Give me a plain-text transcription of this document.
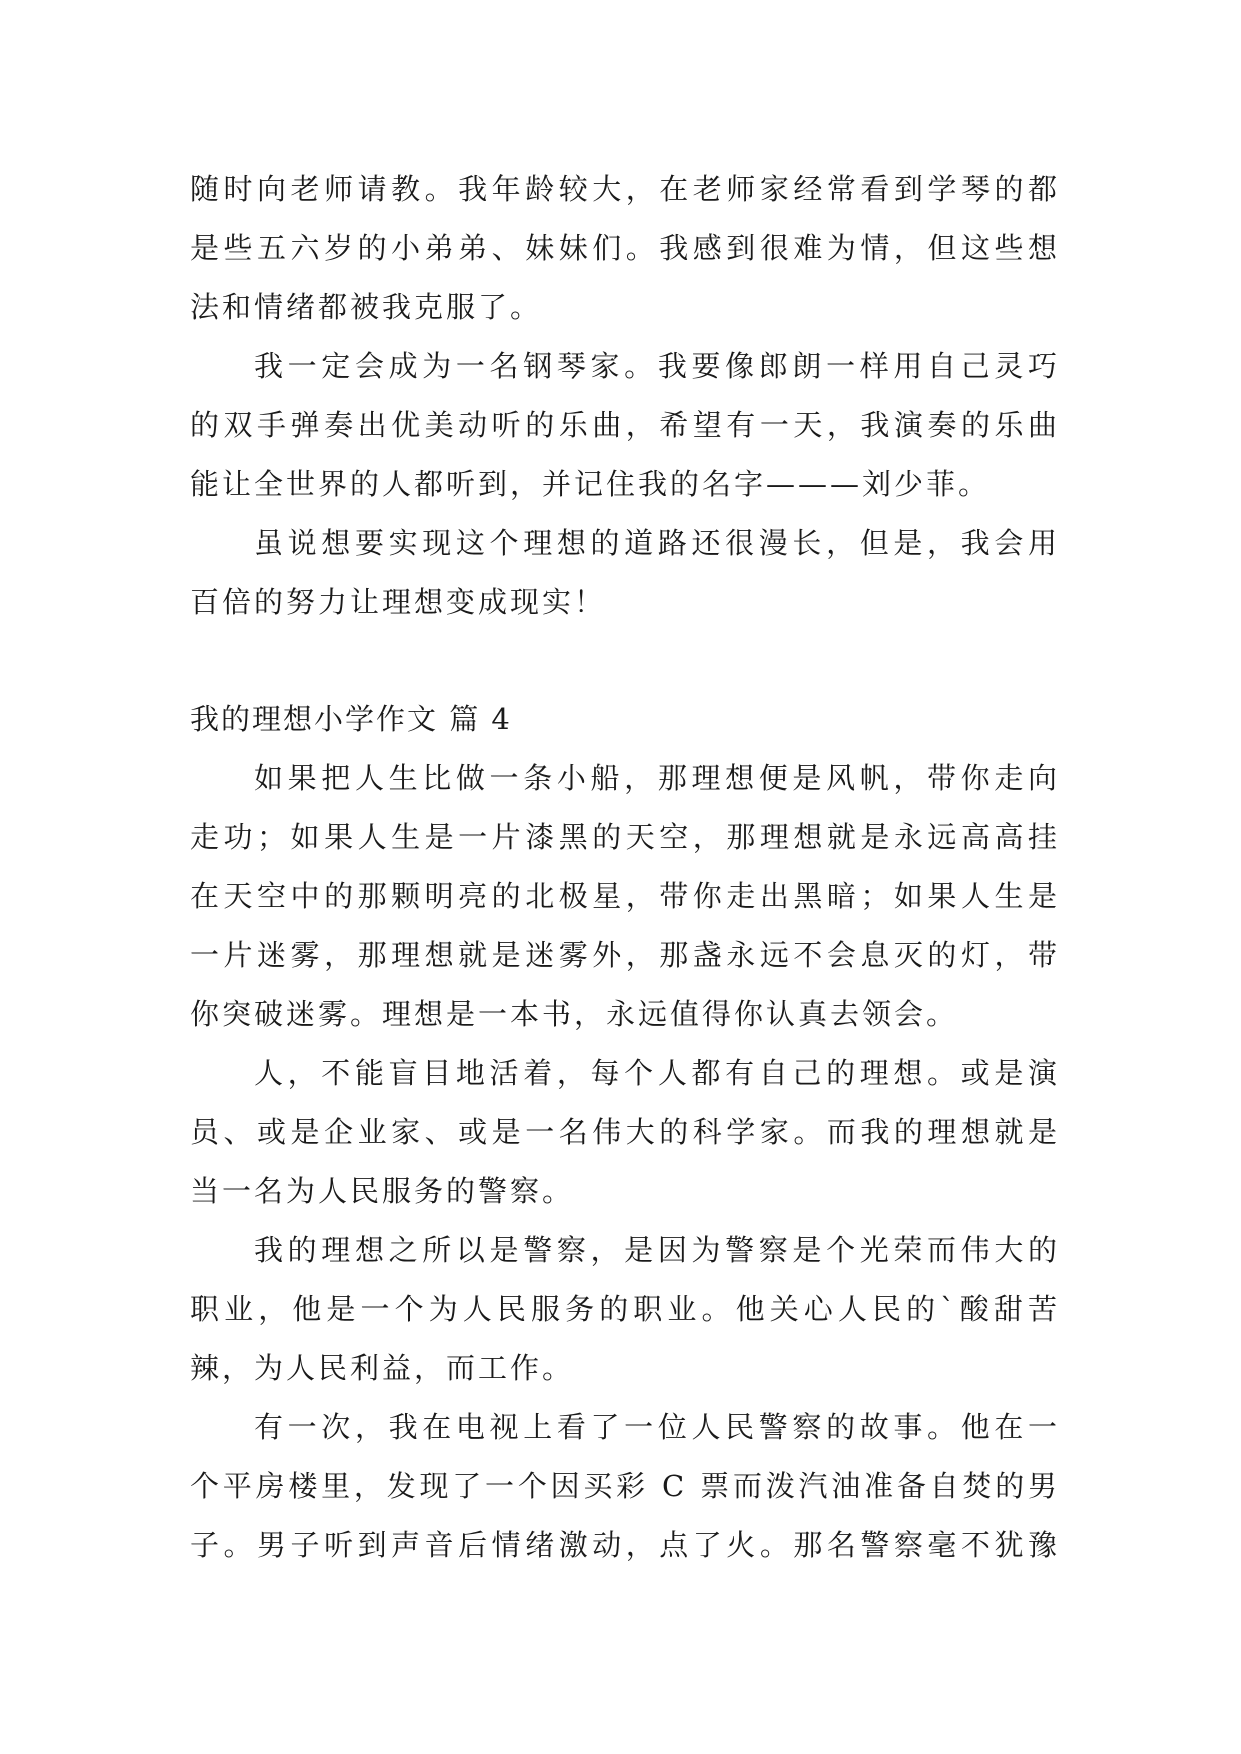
随时向老师请教。我年龄较大，在老师家经常看到学琴的都
是些五六岁的小弟弟、妹妹们。我感到很难为情，但这些想
法和情绪都被我克服了。
我一定会成为一名钢琴家。我要像郎朗一样用自己灵巧
的双手弹奏出优美动听的乐曲，希望有一天，我演奏的乐曲
能让全世界的人都听到，并记住我的名字———刘少菲。
虽说想要实现这个理想的道路还很漫长，但是，我会用
百倍的努力让理想变成现实！
我的理想小学作文 篇 4
如果把人生比做一条小船，那理想便是风帆，带你走向
走功；如果人生是一片漆黑的天空，那理想就是永远高高挂
在天空中的那颗明亮的北极星，带你走出黑暗；如果人生是
一片迷雾，那理想就是迷雾外，那盏永远不会息灭的灯，带
你突破迷雾。理想是一本书，永远值得你认真去领会。
人，不能盲目地活着，每个人都有自己的理想。或是演
员、或是企业家、或是一名伟大的科学家。而我的理想就是
当一名为人民服务的警察。
我的理想之所以是警察，是因为警察是个光荣而伟大的
职业，他是一个为人民服务的职业。他关心人民的`酸甜苦
辣，为人民利益，而工作。
有一次，我在电视上看了一位人民警察的故事。他在一
个平房楼里，发现了一个因买彩 C 票而泼汽油准备自焚的男
子。男子听到声音后情绪激动，点了火。那名警察毫不犹豫
